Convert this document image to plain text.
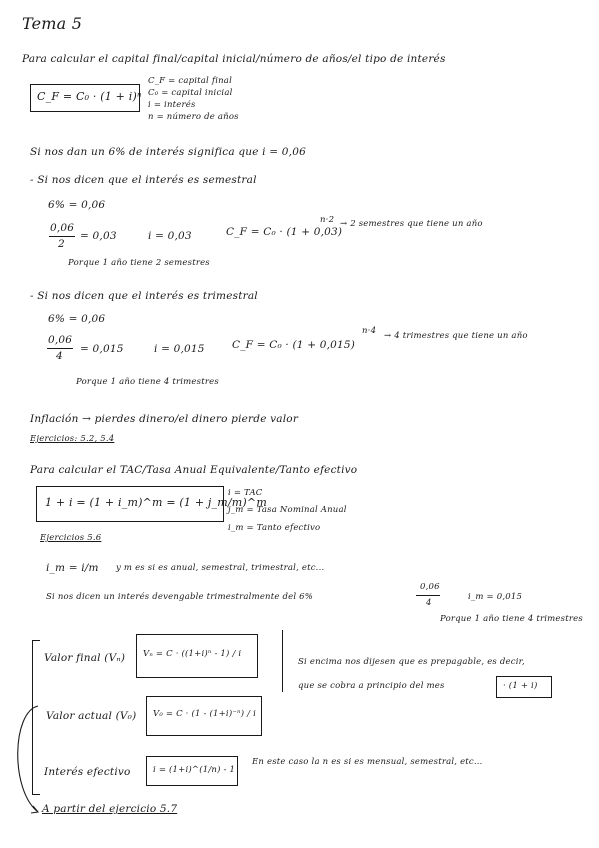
Tema 5
Para calcular el capital final/capital inicial/número de años/el tipo de interés
C_F = C₀ · (1 + i)ⁿ
C_F = capital final
C₀ = capital inicial
i = interés
n = número de años
Si nos dan un 6% de interés significa que i = 0,06
- Si nos dicen que el interés es semestral
6% = 0,06
0,06
2
= 0,03	i = 0,03	C_F = C₀ · (1 + 0,03)
n·2 → 2 semestres que tiene un año
Porque 1 año tiene 2 semestres
- Si nos dicen que el interés es trimestral
6% = 0,06
0,06
4
= 0,015	i = 0,015	C_F = C₀ · (1 + 0,015)
n·4 → 4 trimestres que tiene un año
Porque 1 año tiene 4 trimestres
Inflación → pierdes dinero/el dinero pierde valor
Ejercicios: 5.2, 5.4
Para calcular el TAC/Tasa Anual Equivalente/Tanto efectivo
1 + i = (1 + i_m)^m = (1 + j_m/m)^m
i = TAC
j_m = Tasa Nominal Anual
i_m = Tanto efectivo
Ejercicios 5.6
i_m = i/m y m es si es anual, semestral, trimestral, etc...
Si nos dicen un interés devengable trimestralmente del 6%
0,06
4
i_m = 0,015
Porque 1 año tiene 4 trimestres
Valor final (Vₙ) Vₙ = C · ((1+i)ⁿ - 1) / i
Valor actual (V₀) V₀ = C · (1 - (1+i)⁻ⁿ) / i
Interés efectivo	i = (1+i)^(1/n) - 1
Si encima nos dijesen que es prepagable, es decir,
que se cobra a principio del mes	· (1 + i)
En este caso la n es si es mensual, semestral, etc...
A partir del ejercicio 5.7
